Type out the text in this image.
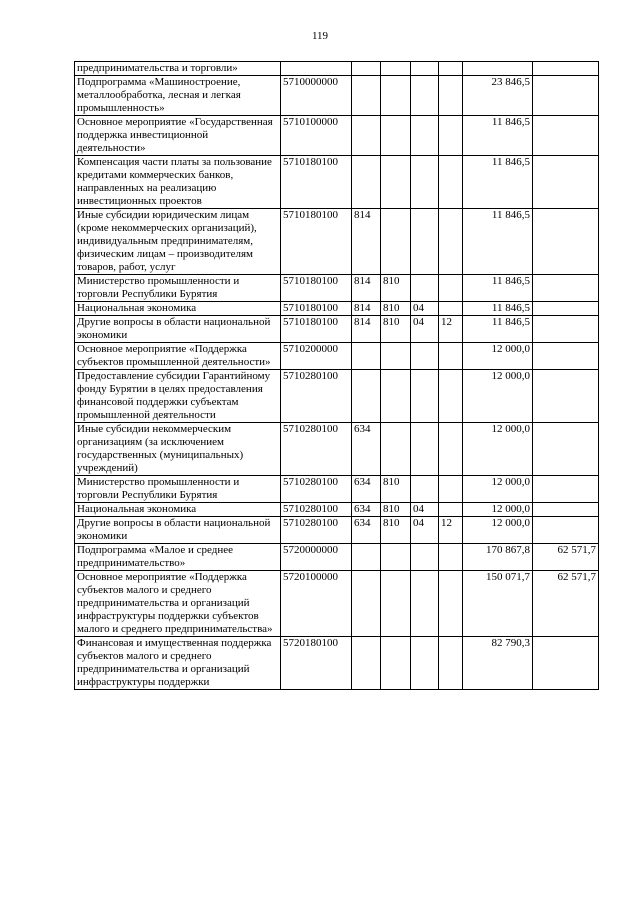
119
предпринимательства и торговли»							
Подпрограмма «Машиностроение, металлообработка, лесная и легкая промышленность»	5710000000					23 846,5	
Основное мероприятие «Государственная поддержка инвестиционной деятельности»	5710100000					11 846,5	
Компенсация части платы за пользование кредитами коммерческих банков, направленных на реализацию инвестиционных проектов	5710180100					11 846,5	
Иные субсидии юридическим лицам (кроме некоммерческих организаций), индивидуальным предпринимателям, физическим лицам – производителям товаров, работ, услуг	5710180100	814				11 846,5	
Министерство промышленности и торговли Республики Бурятия	5710180100	814	810			11 846,5	
Национальная экономика	5710180100	814	810	04		11 846,5	
Другие вопросы в области национальной экономики	5710180100	814	810	04	12	11 846,5	
Основное мероприятие «Поддержка субъектов промышленной деятельности»	5710200000					12 000,0	
Предоставление субсидии Гарантийному фонду Бурятии в целях предоставления финансовой поддержки субъектам промышленной деятельности	5710280100					12 000,0	
Иные субсидии некоммерческим организациям (за исключением государственных (муниципальных) учреждений)	5710280100	634				12 000,0	
Министерство промышленности и торговли Республики Бурятия	5710280100	634	810			12 000,0	
Национальная экономика	5710280100	634	810	04		12 000,0	
Другие вопросы в области национальной экономики	5710280100	634	810	04	12	12 000,0	
Подпрограмма «Малое и среднее предпринимательство»	5720000000					170 867,8	62 571,7
Основное мероприятие «Поддержка субъектов малого и среднего предпринимательства и организаций инфраструктуры поддержки субъектов малого и среднего предпринимательства»	5720100000					150 071,7	62 571,7
Финансовая и имущественная поддержка субъектов малого и среднего предпринимательства и организаций инфраструктуры поддержки	5720180100					82 790,3	
